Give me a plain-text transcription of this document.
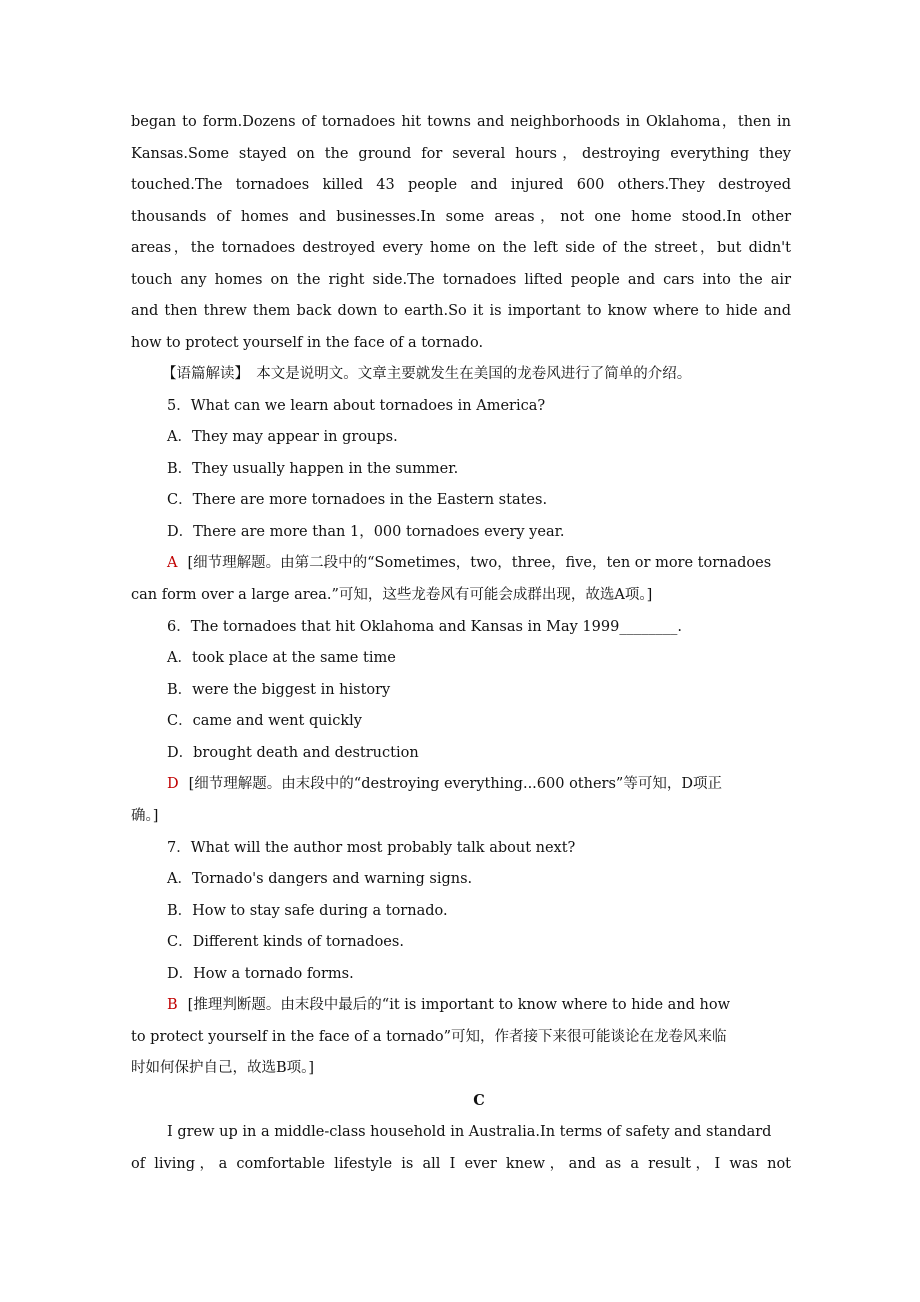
began to form.Dozens of tornadoes hit towns and neighborhoods in Oklahoma，then in
Kansas.Some stayed on the ground for several hours，destroying everything they
touched.The tornadoes killed 43 people and injured 600 others.They destroyed
thousands of homes and businesses.In some areas，not one home stood.In other
areas，the tornadoes destroyed every home on the left side of the street，but didn't
touch any homes on the right side.The tornadoes lifted people and cars into the air
and then threw them back down to earth.So it is important to know where to hide and
how to protect yourself in the face of a tornado.
【语篇解读】　本文是说明文。文章主要就发生在美国的龙卷风进行了简单的介绍。
5．What can we learn about tornadoes in America?
A．They may appear in groups.
B．They usually happen in the summer.
C．There are more tornadoes in the Eastern states.
D．There are more than 1，000 tornadoes every year.
A [细节理解题。由第二段中的“Sometimes，two，three，five，ten or more tornadoes
can form over a large area.”可知，这些龙卷风有可能会成群出现，故选A项。]
6．The tornadoes that hit Oklahoma and Kansas in May 1999________.
A．took place at the same time
B．were the biggest in history
C．came and went quickly
D．brought death and destruction
D [细节理解题。由末段中的“destroying everything...600 others”等可知，D项正
确。]
7．What will the author most probably talk about next?
A．Tornado's dangers and warning signs.
B．How to stay safe during a tornado.
C．Different kinds of tornadoes.
D．How a tornado forms.
B [推理判断题。由末段中最后的“it is important to know where to hide and how
to protect yourself in the face of a tornado”可知，作者接下来很可能谈论在龙卷风来临
时如何保护自己，故选B项。]
C
I grew up in a middle-class household in Australia.In terms of safety and standard
of living，a comfortable lifestyle is all I ever knew，and as a result，I was not
